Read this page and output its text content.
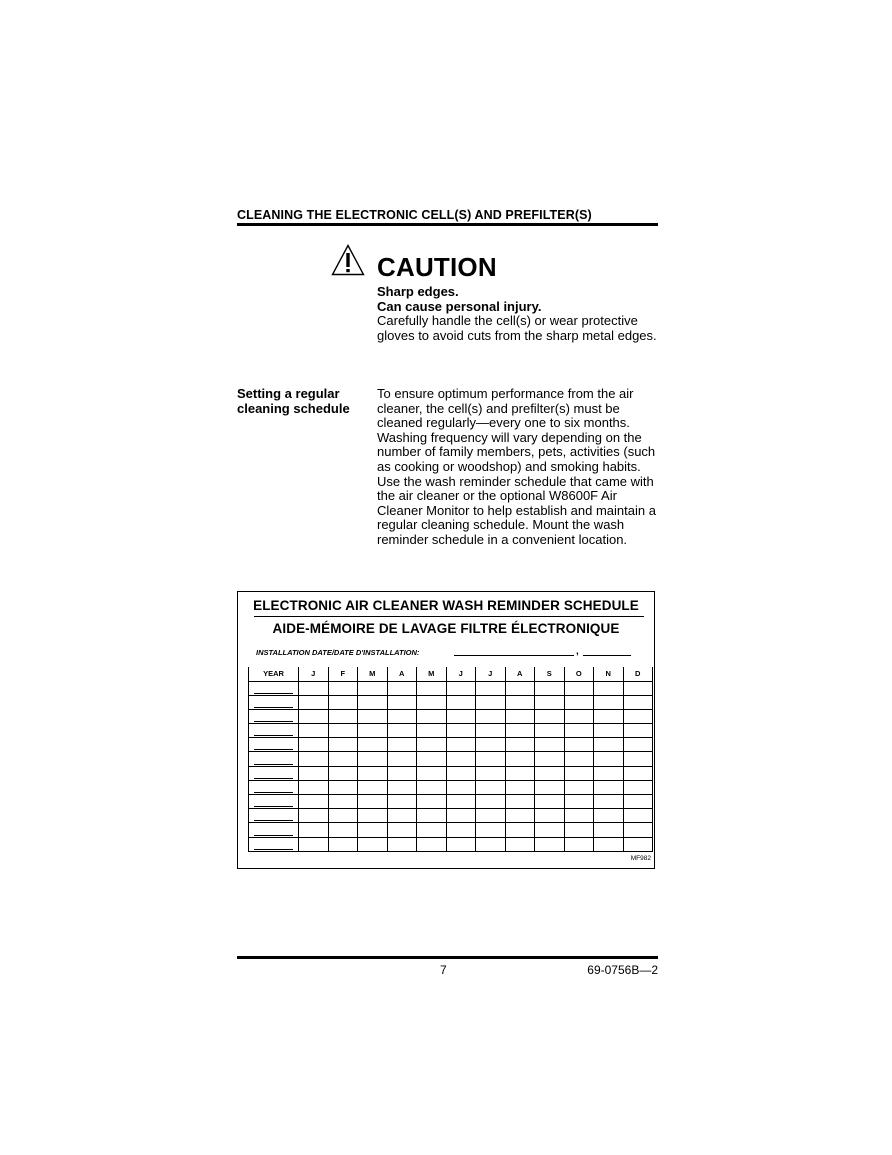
CLEANING THE ELECTRONIC CELL(S) AND PREFILTER(S)
CAUTION
Sharp edges.
Can cause personal injury.
Carefully handle the cell(s) or wear protective gloves to avoid cuts from the sharp metal edges.
Setting a regular cleaning schedule
To ensure optimum performance from the air cleaner, the cell(s) and prefilter(s) must be cleaned regularly—every one to six months. Washing frequency will vary depending on the number of family members, pets, activities (such as cooking or woodshop) and smoking habits. Use the wash reminder schedule that came with the air cleaner or the optional W8600F Air Cleaner Monitor to help establish and maintain a regular cleaning schedule. Mount the wash reminder schedule in a convenient location.
ELECTRONIC AIR CLEANER WASH REMINDER SCHEDULE
AIDE-MÉMOIRE DE LAVAGE FILTRE ÉLECTRONIQUE
INSTALLATION DATE/DATE D'INSTALLATION:	,
YEAR	J	F	M	A	M	J	J	A	S	O	N	D

MF982
7	69-0756B—2
